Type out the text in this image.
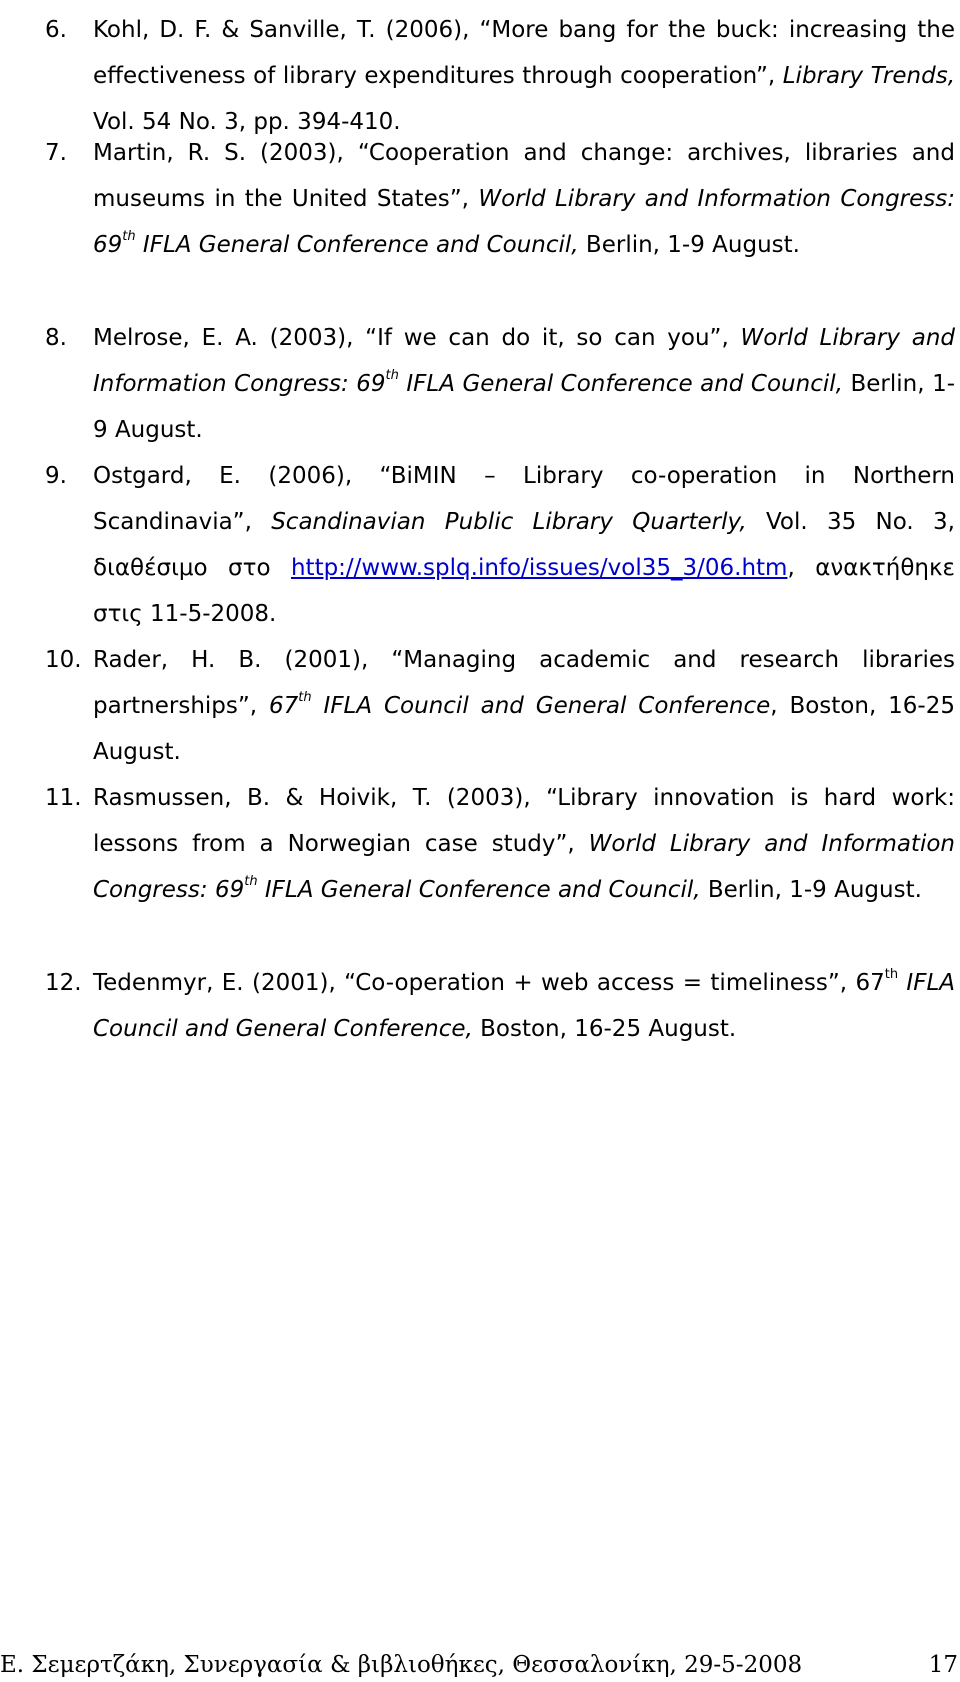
6. Kohl, D. F. & Sanville, T. (2006), “More bang for the buck: increasing the effectiveness of library expenditures through cooperation”, Library Trends, Vol. 54 No. 3, pp. 394-410.
7. Martin, R. S. (2003), “Cooperation and change: archives, libraries and museums in the United States”, World Library and Information Congress: 69th IFLA General Conference and Council, Berlin, 1-9 August.
8. Melrose, E. A. (2003), “If we can do it, so can you”, World Library and Information Congress: 69th IFLA General Conference and Council, Berlin, 1-9 August.
9. Ostgard, E. (2006), “BiMIN – Library co-operation in Northern Scandinavia”, Scandinavian Public Library Quarterly, Vol. 35 No. 3, διαθέσιμο στο http://www.splq.info/issues/vol35_3/06.htm, ανακτήθηκε στις 11-5-2008.
10. Rader, H. B. (2001), “Managing academic and research libraries partnerships”, 67th IFLA Council and General Conference, Boston, 16-25 August.
11. Rasmussen, B. & Hoivik, T. (2003), “Library innovation is hard work: lessons from a Norwegian case study”, World Library and Information Congress: 69th IFLA General Conference and Council, Berlin, 1-9 August.
12. Tedenmyr, E. (2001), “Co-operation + web access = timeliness”, 67th IFLA Council and General Conference, Boston, 16-25 August.
Ε. Σεμερτζάκη, Συνεργασία & βιβλιοθήκες, Θεσσαλονίκη, 29-5-2008	17
